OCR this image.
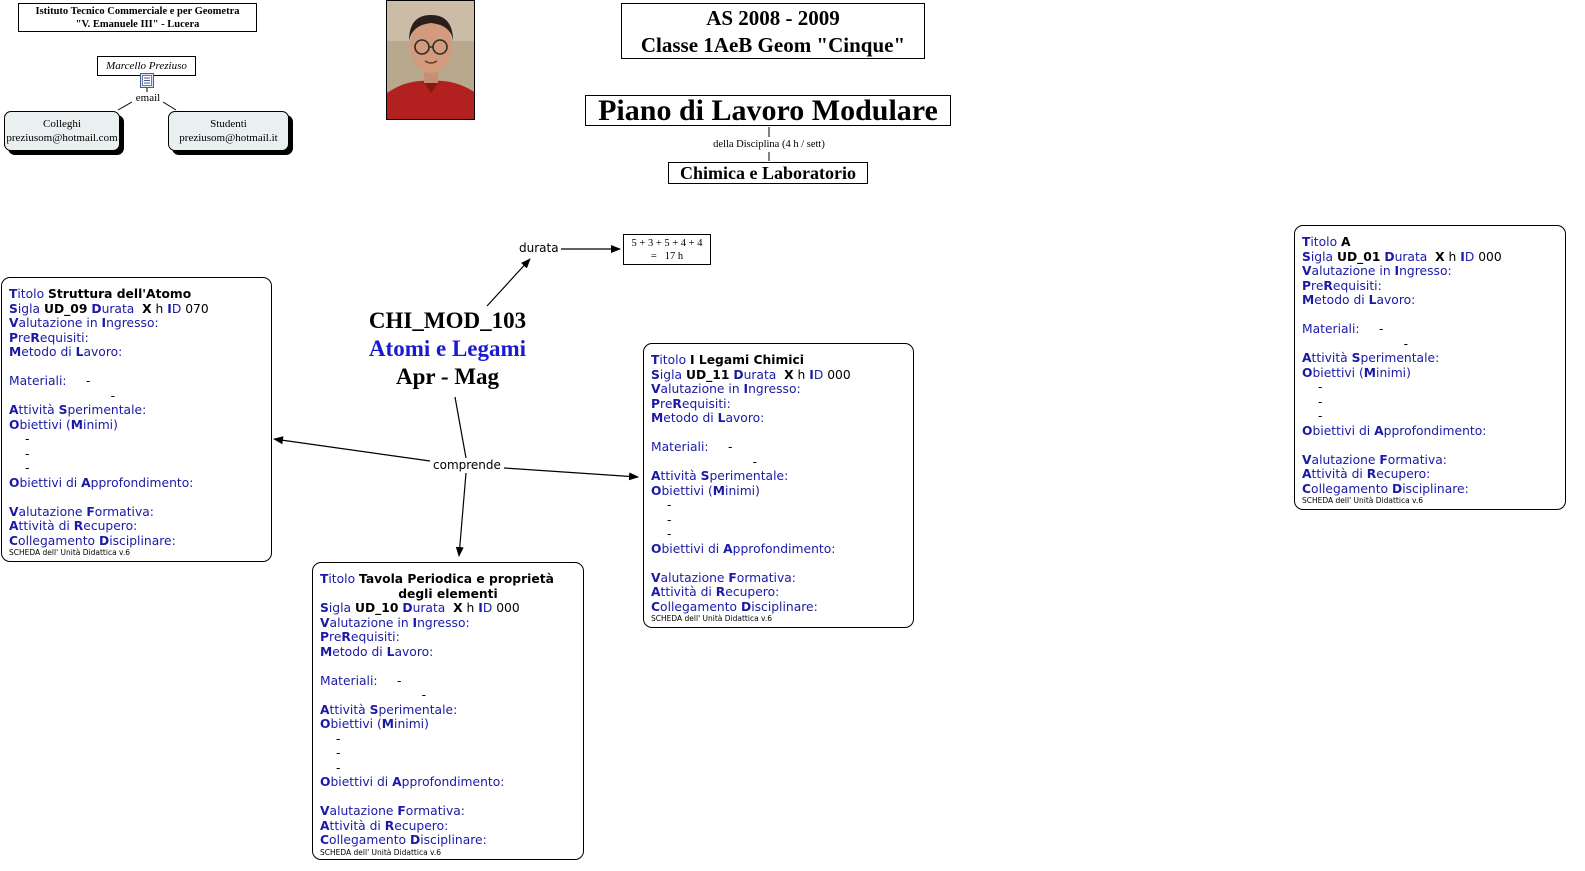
Istituto Tecnico Commerciale e per Geometra
"V. Emanuele III" - Lucera
Marcello Preziuso
email
Colleghi
preziusom@hotmail.com
Studenti
preziusom@hotmail.it
AS 2008 - 2009
Classe 1AeB Geom "Cinque"
Piano di Lavoro Modulare
della Disciplina (4 h / sett)
Chimica e Laboratorio
CHI_MOD_103
Atomi e Legami
Apr - Mag
durata
comprende
5 + 3 + 5 + 4 + 4
=   17 h
Titolo Struttura dell'Atomo
Sigla UD_09 Durata  X h ID 070
Valutazione in Ingresso:
PreRequisiti:
Metodo di Lavoro:

Materiali:     -
-
Attività Sperimentale:
Obiettivi (Minimi)
-
-
-
Obiettivi di Approfondimento:

Valutazione Formativa:
Attività di Recupero:
Collegamento Disciplinare:
SCHEDA dell' Unità Didattica v.6
Titolo Tavola Periodica e proprietà
degli elementi
Sigla UD_10 Durata  X h ID 000
Valutazione in Ingresso:
PreRequisiti:
Metodo di Lavoro:

Materiali:     -
-
Attività Sperimentale:
Obiettivi (Minimi)
-
-
-
Obiettivi di Approfondimento:

Valutazione Formativa:
Attività di Recupero:
Collegamento Disciplinare:
SCHEDA dell' Unità Didattica v.6
Titolo I Legami Chimici
Sigla UD_11 Durata  X h ID 000
Valutazione in Ingresso:
PreRequisiti:
Metodo di Lavoro:

Materiali:     -
-
Attività Sperimentale:
Obiettivi (Minimi)
-
-
-
Obiettivi di Approfondimento:

Valutazione Formativa:
Attività di Recupero:
Collegamento Disciplinare:
SCHEDA dell' Unità Didattica v.6
Titolo A
Sigla UD_01 Durata  X h ID 000
Valutazione in Ingresso:
PreRequisiti:
Metodo di Lavoro:

Materiali:     -
-
Attività Sperimentale:
Obiettivi (Minimi)
-
-
-
Obiettivi di Approfondimento:

Valutazione Formativa:
Attività di Recupero:
Collegamento Disciplinare:
SCHEDA dell' Unità Didattica v.6
